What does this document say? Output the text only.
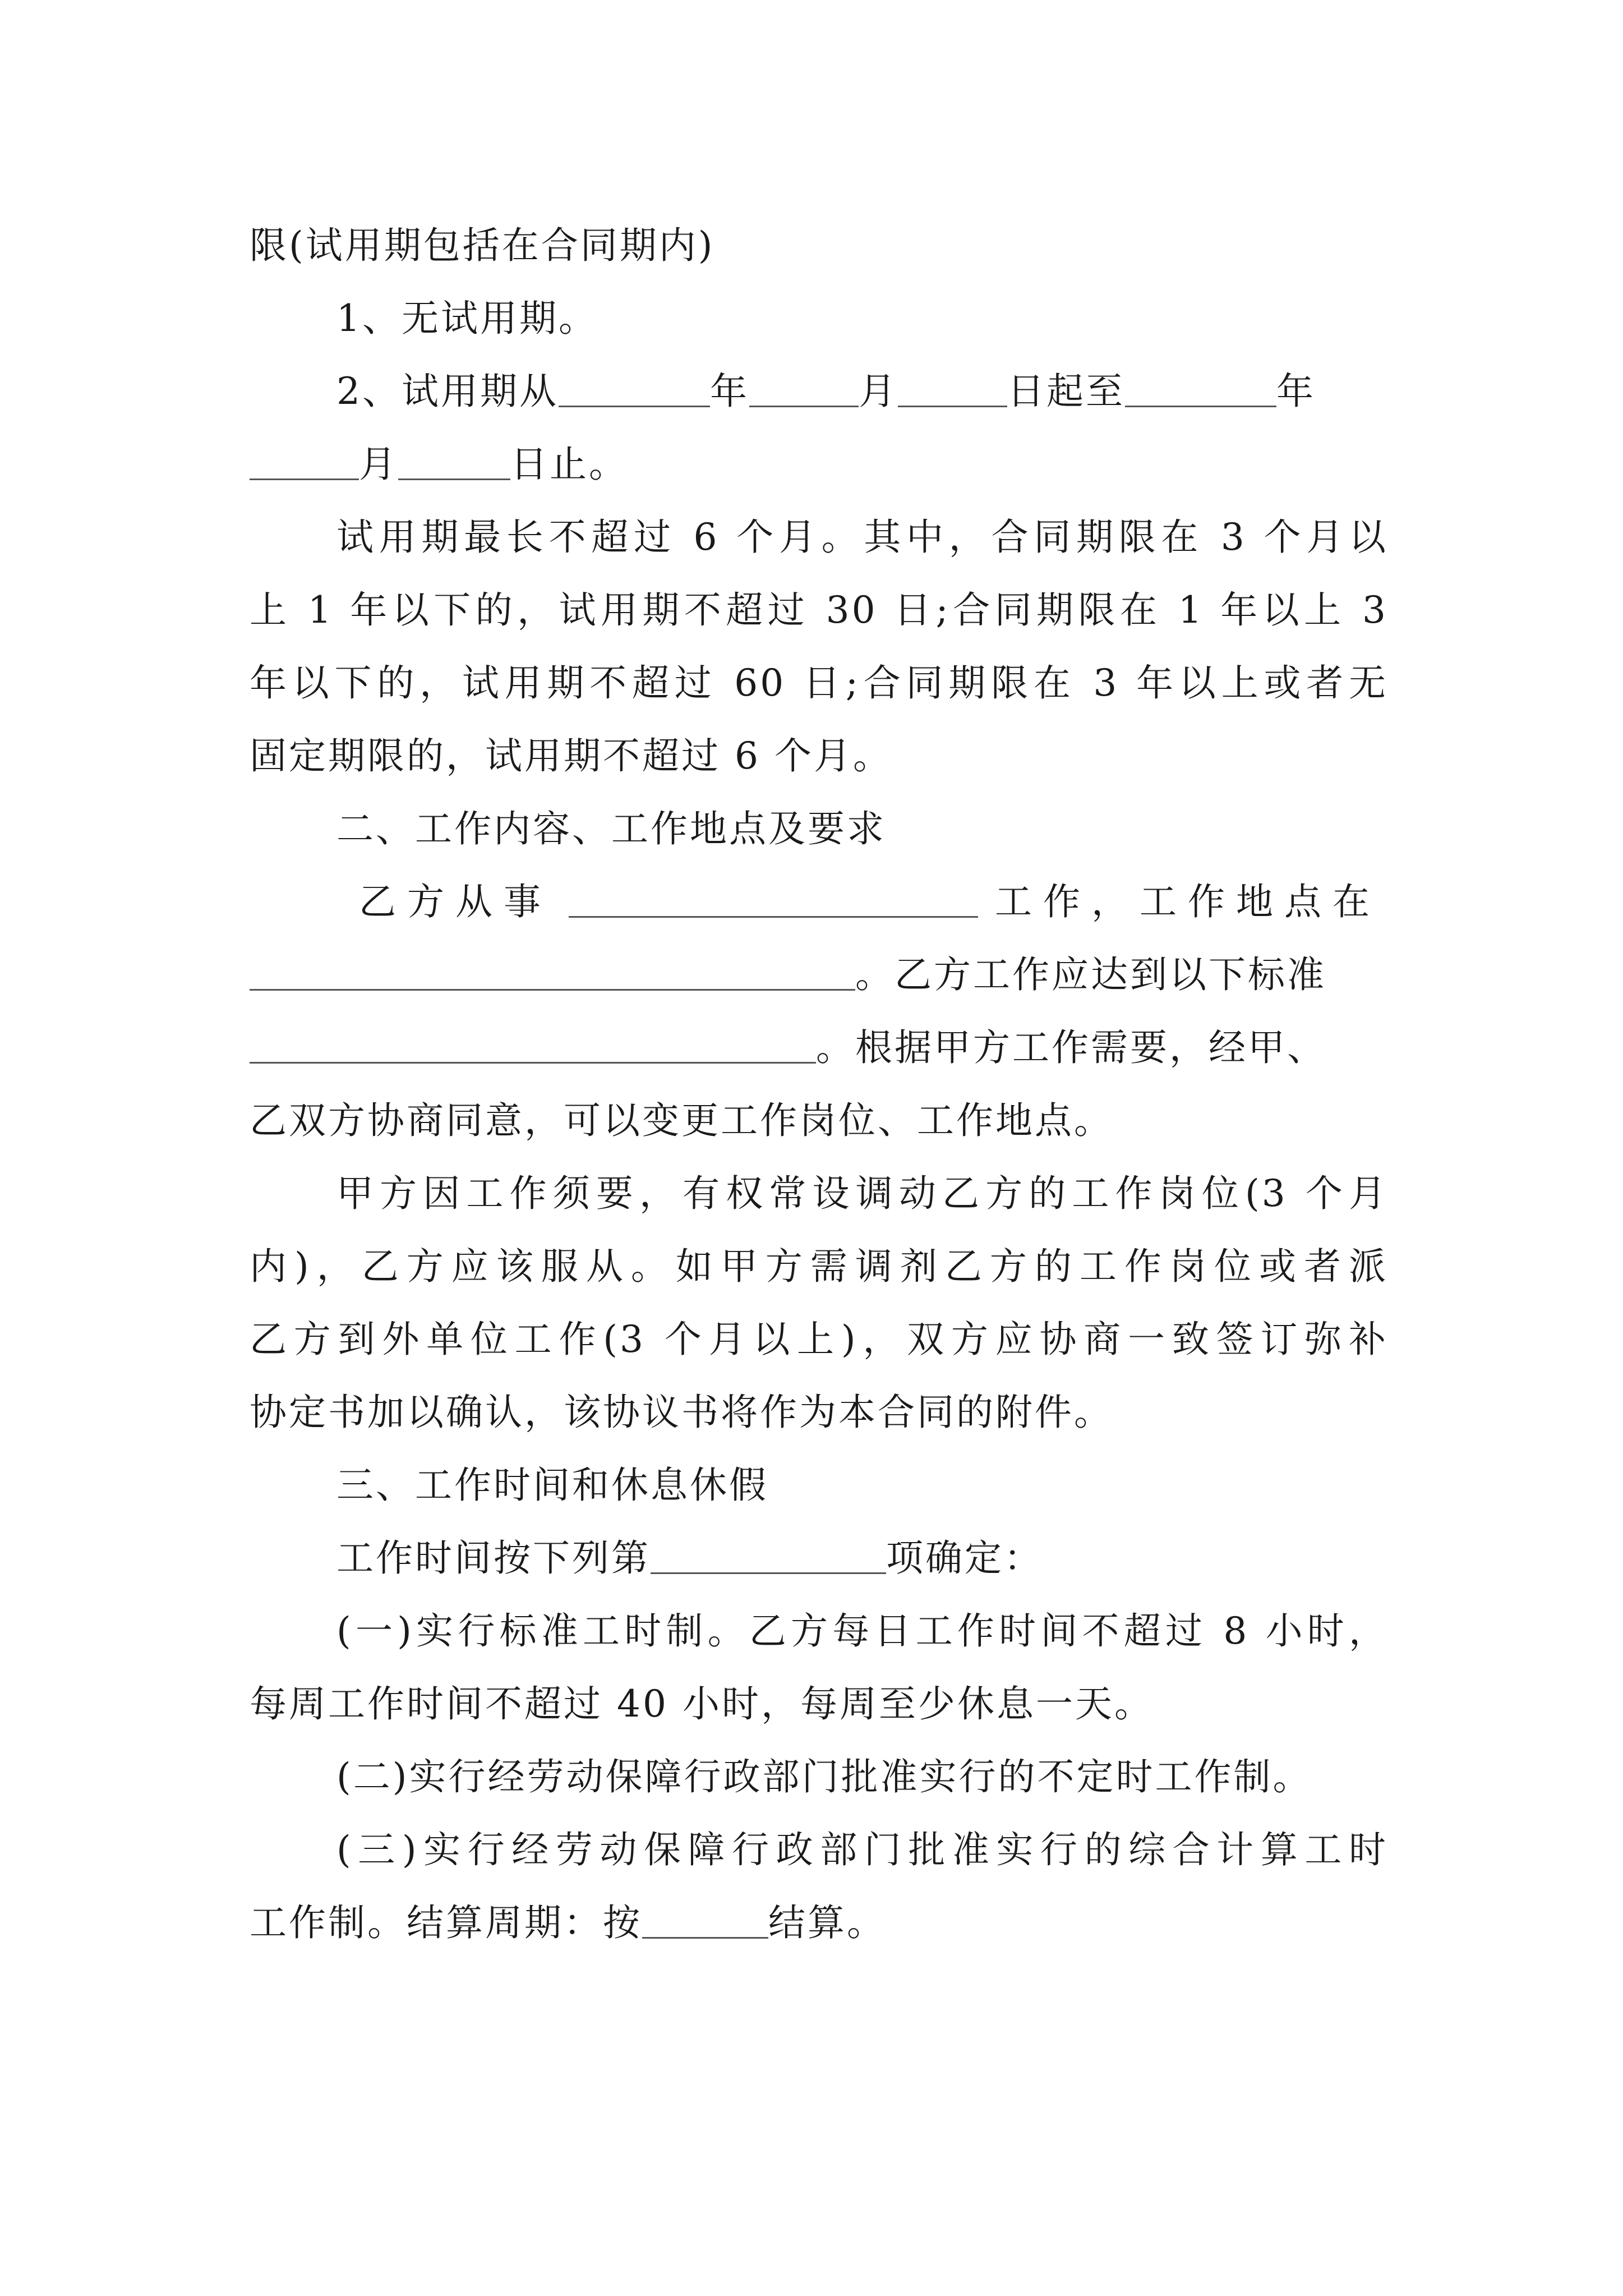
限(试用期包括在合同期内)
1、无试用期。
2、试用期从	年	月	日起至	年
月	日止。
试用期最长不超过 6 个月。其中，合同期限在 3 个月以
上 1 年以下的，试用期不超过 30 日;合同期限在 1 年以上 3
年以下的，试用期不超过 60 日;合同期限在 3 年以上或者无
固定期限的，试用期不超过 6 个月。
二、工作内容、工作地点及要求
乙方从事	工作，工作地点在
。乙方工作应达到以下标准
。根据甲方工作需要，经甲、
乙双方协商同意，可以变更工作岗位、工作地点。
甲方因工作须要，有权常设调动乙方的工作岗位(3 个月
内)，乙方应该服从。如甲方需调剂乙方的工作岗位或者派
乙方到外单位工作(3 个月以上)，双方应协商一致签订弥补
协定书加以确认，该协议书将作为本合同的附件。
三、工作时间和休息休假
工作时间按下列第	项确定：
(一)实行标准工时制。乙方每日工作时间不超过 8 小时，
每周工作时间不超过 40 小时，每周至少休息一天。
(二)实行经劳动保障行政部门批准实行的不定时工作制。
(三)实行经劳动保障行政部门批准实行的综合计算工时
工作制。结算周期：按	结算。
